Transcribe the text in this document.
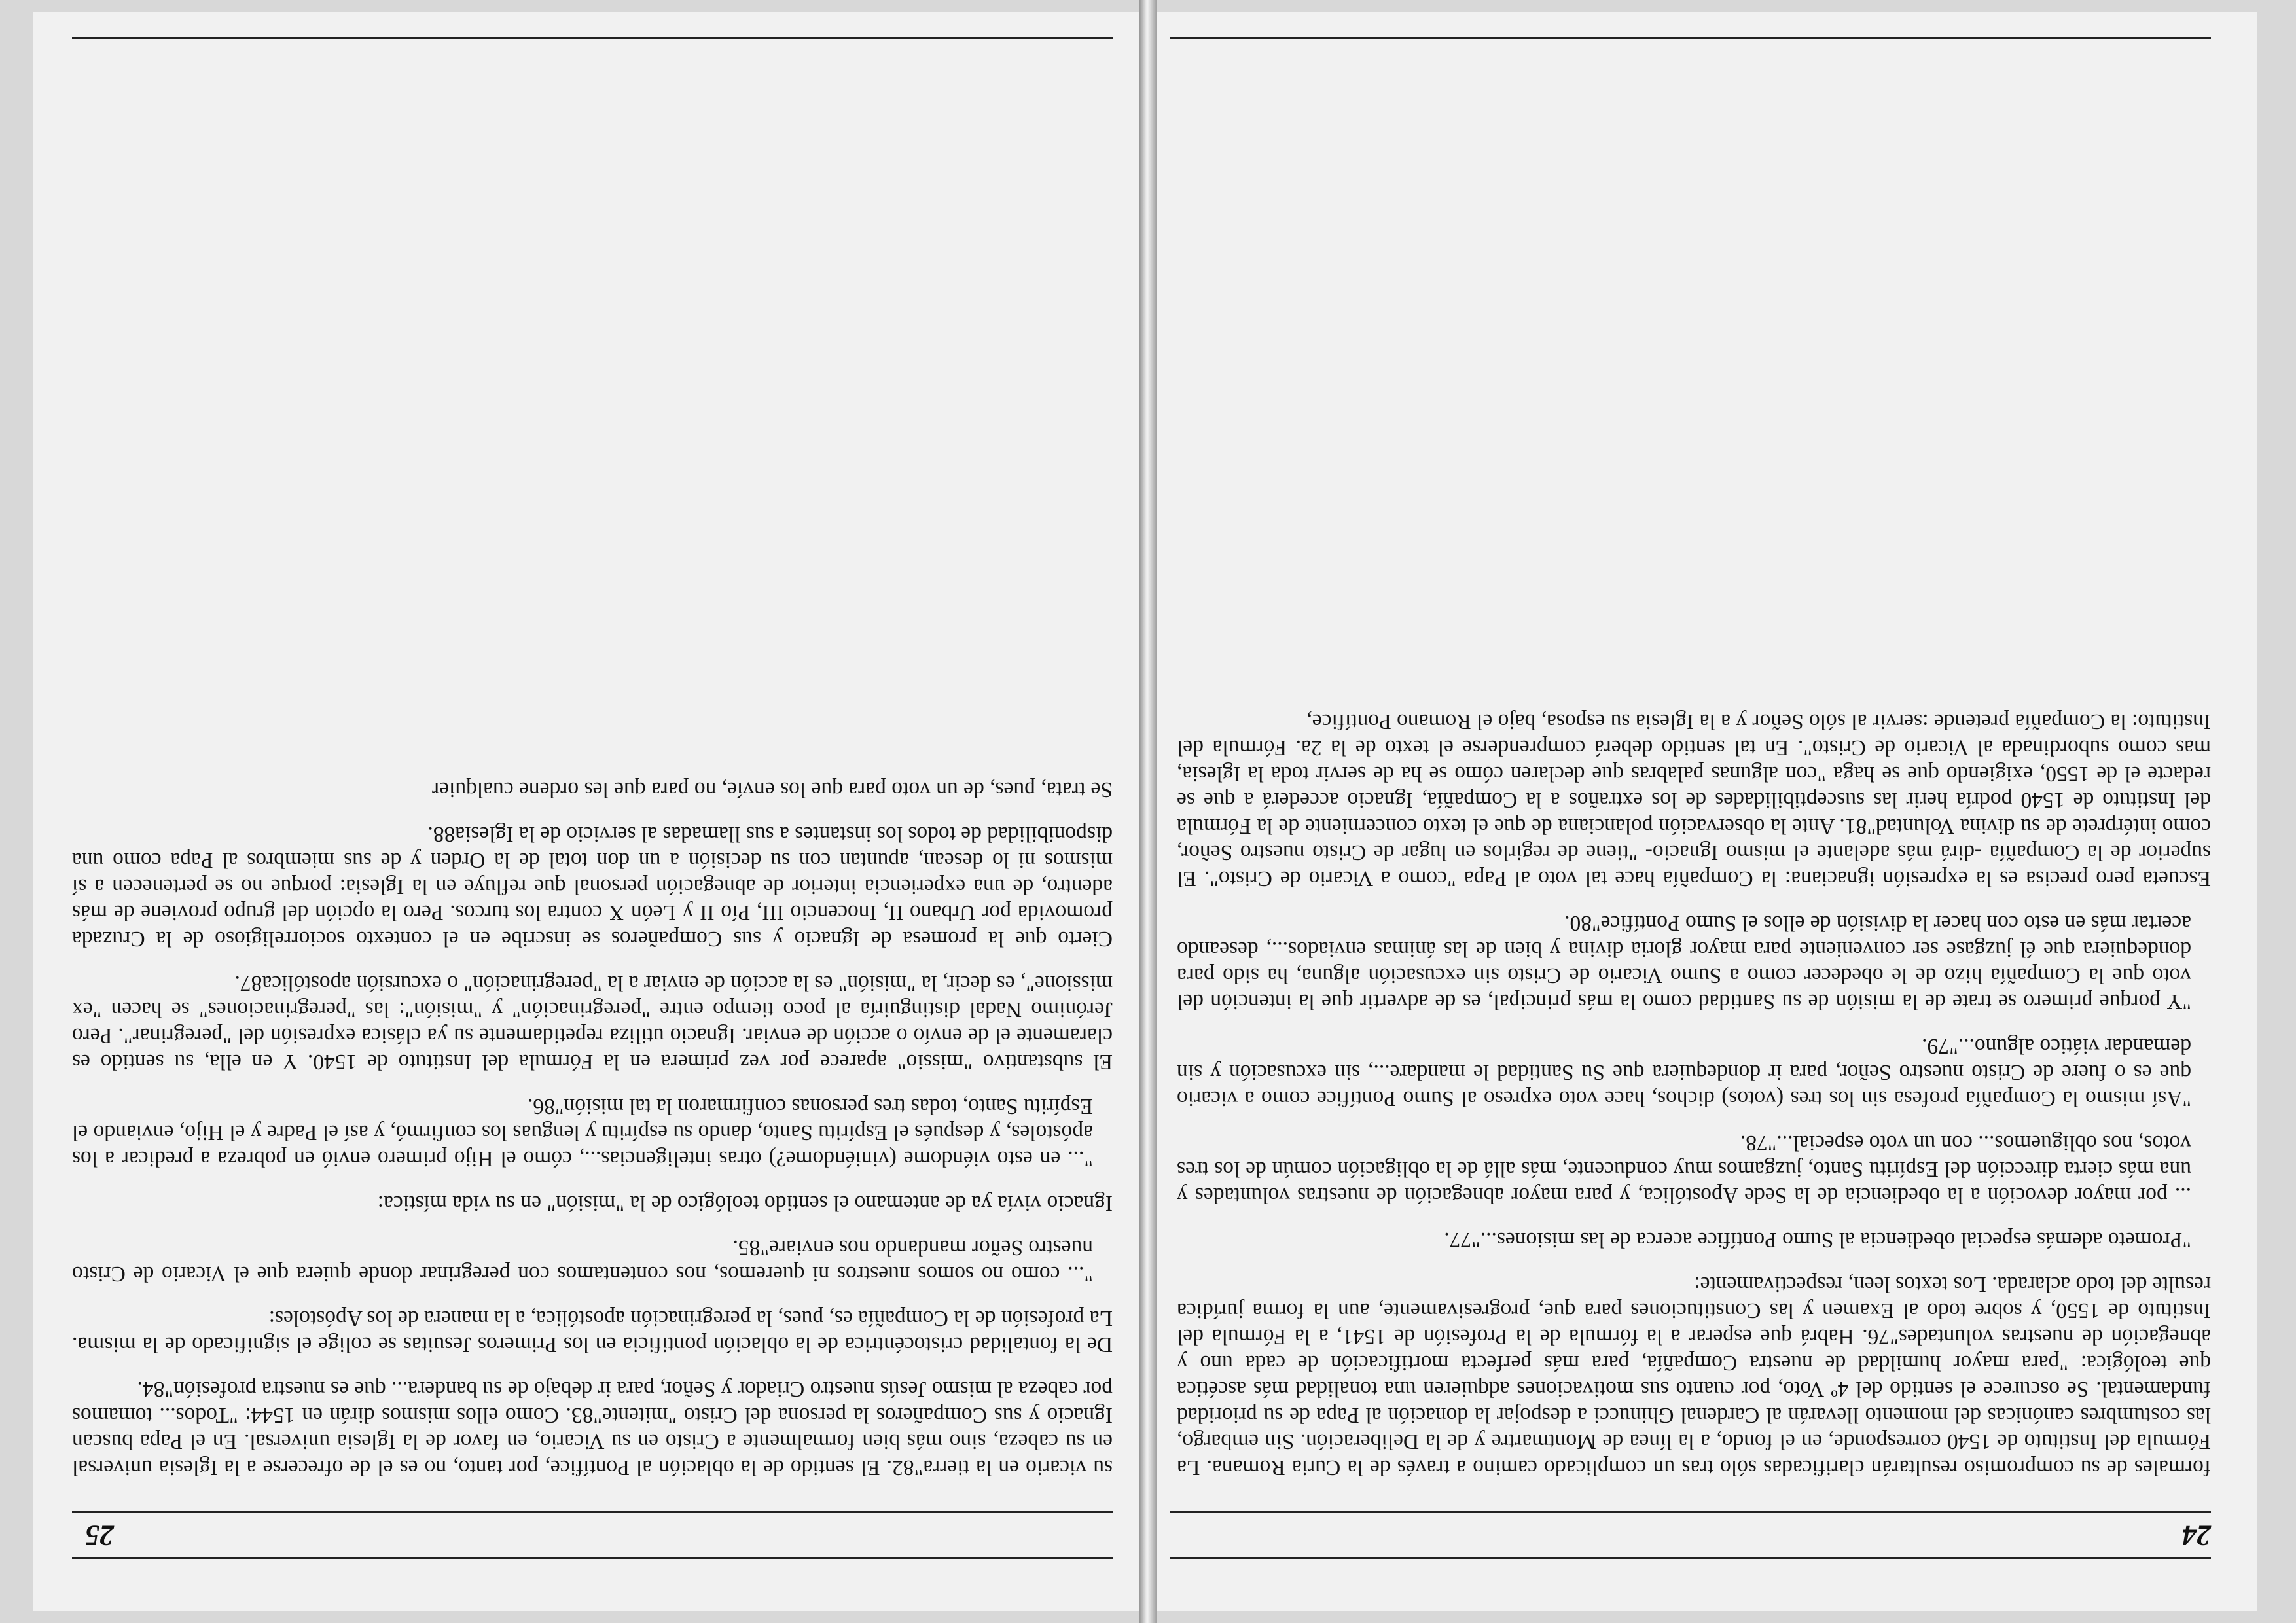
24

formales de su compromiso resultarán clarificadas sólo tras un complicado camino a través de la Curia Romana. La Fórmula del Instituto de 1540 corresponde, en el fondo, a la línea de Montmartre y de la Deliberación. Sin embargo, las costumbres canónicas del momento llevarán al Cardenal Ghinucci a despojar la donación al Papa de su prioridad fundamental. Se oscurece el sentido del 4º Voto, por cuanto sus motivaciones adquieren una tonalidad más ascética que teológica: "para mayor humildad de nuestra Compañía, para más perfecta mortificación de cada uno y abnegación de nuestras voluntades"76. Habrá que esperar a la fórmula de la Profesión de 1541, a la Fórmula del Instituto de 1550, y sobre todo al Examen y las Constituciones para que, progresivamente, aun la forma jurídica resulte del todo aclarada. Los textos leen, respectivamente:

"Prometo además especial obediencia al Sumo Pontífice acerca de las misiones..."77.

... por mayor devoción a la obediencia de la Sede Apostólica, y para mayor abnegación de nuestras voluntades y una más cierta dirección del Espíritu Santo, juzgamos muy conducente, más allá de la obligación común de los tres votos, nos obliguemos... con un voto especial..."78.

"Así mismo la Compañía profesa sin los tres (votos) dichos, hace voto expreso al Sumo Pontífice como a vicario que es o fuere de Cristo nuestro Señor, para ir dondequiera que Su Santidad le mandare..., sin excusación y sin demandar viático alguno..."79.

"Y porque primero se trate de la misión de su Santidad como la más principal, es de advertir que la intención del voto que la Compañía hizo de le obedecer como a Sumo Vicario de Cristo sin excusación alguna, ha sido para dondequiera que él juzgase ser conveniente para mayor gloria divina y bien de las ánimas enviados..., deseando acertar más en esto con hacer la división de ellos el Sumo Pontífice"80.

Escueta pero precisa es la expresión ignaciana: la Compañía hace tal voto al Papa "como a Vicario de Cristo". El superior de la Compañía -dirá más adelante el mismo Ignacio- "tiene de regirlos en lugar de Cristo nuestro Señor, como intérprete de su divina Voluntad"81. Ante la observación polanciana de que el texto concerniente de la Fórmula del Instituto de 1540 podría herir las susceptibilidades de los extraños a la Compañía, Ignacio accederá a que se redacte el de 1550, exigiendo que se haga "con algunas palabras que declaren cómo se ha de servir toda la Iglesia, mas como subordinada al Vicario de Cristo". En tal sentido deberá comprenderse el texto de la 2a. Fórmula del Instituto: la Compañía pretende :servir al sólo Señor y a la Iglesia su esposa, bajo el Romano Pontífice,

25

su vicario en la tierra"82. El sentido de la oblación al Pontífice, por tanto, no es el de ofrecerse a la Iglesia universal en su cabeza, sino más bien formalmente a Cristo en su Vicario, en favor de la Iglesia universal. En el Papa buscan Ignacio y sus Compañeros la persona del Cristo "mitente"83. Como ellos mismos dirán en 1544: "Todos... tomamos por cabeza al mismo Jesús nuestro Criador y Señor, para ir debajo de su bandera... que es nuestra profesión"84.

De la fontalidad cristocéntrica de la oblación pontificia en los Primeros Jesuitas se colige el significado de la misma. La profesión de la Compañía es, pues, la peregrinación apostólica, a la manera de los Apóstoles:

"... como no somos nuestros ni queremos, nos contentamos con peregrinar donde quiera que el Vicario de Cristo nuestro Señor mandando nos enviare"85.

Ignacio vivía ya de antemano el sentido teológico de la "misión" en su vida mística:

"... en esto viéndome (viniéndome?) otras inteligencias..., cómo el Hijo primero envió en pobreza a predicar a los apóstoles, y después el Espíritu Santo, dando su espíritu y lenguas los confirmó, y así el Padre y el Hijo, enviando el Espíritu Santo, todas tres personas confirmaron la tal misión"86.

El substantivo "missio" aparece por vez primera en la Fórmula del Instituto de 1540. Y en ella, su sentido es claramente el de envío o acción de enviar. Ignacio utiliza repetidamente su ya clásica expresión del "peregrinar". Pero Jerónimo Nadal distinguiría al poco tiempo entre "peregrinación" y "misión": las "peregrinaciones" se hacen "ex missione", es decir, la "misión" es la acción de enviar a la "peregrinación" o excursión apostólica87.

Cierto que la promesa de Ignacio y sus Compañeros se inscribe en el contexto sociorreligioso de la Cruzada promovida por Urbano II, Inocencio III, Pío II y León X contra los turcos. Pero la opción del grupo proviene de más adentro, de una experiencia interior de abnegación personal que refluye en la Iglesia: porque no se pertenecen a sí mismos ni lo desean, apuntan con su decisión a un don total de la Orden y de sus miembros al Papa como una disponibilidad de todos los instantes a sus llamadas al servicio de la Iglesia88.

Se trata, pues, de un voto para que los envíe, no para que les ordene cualquier
